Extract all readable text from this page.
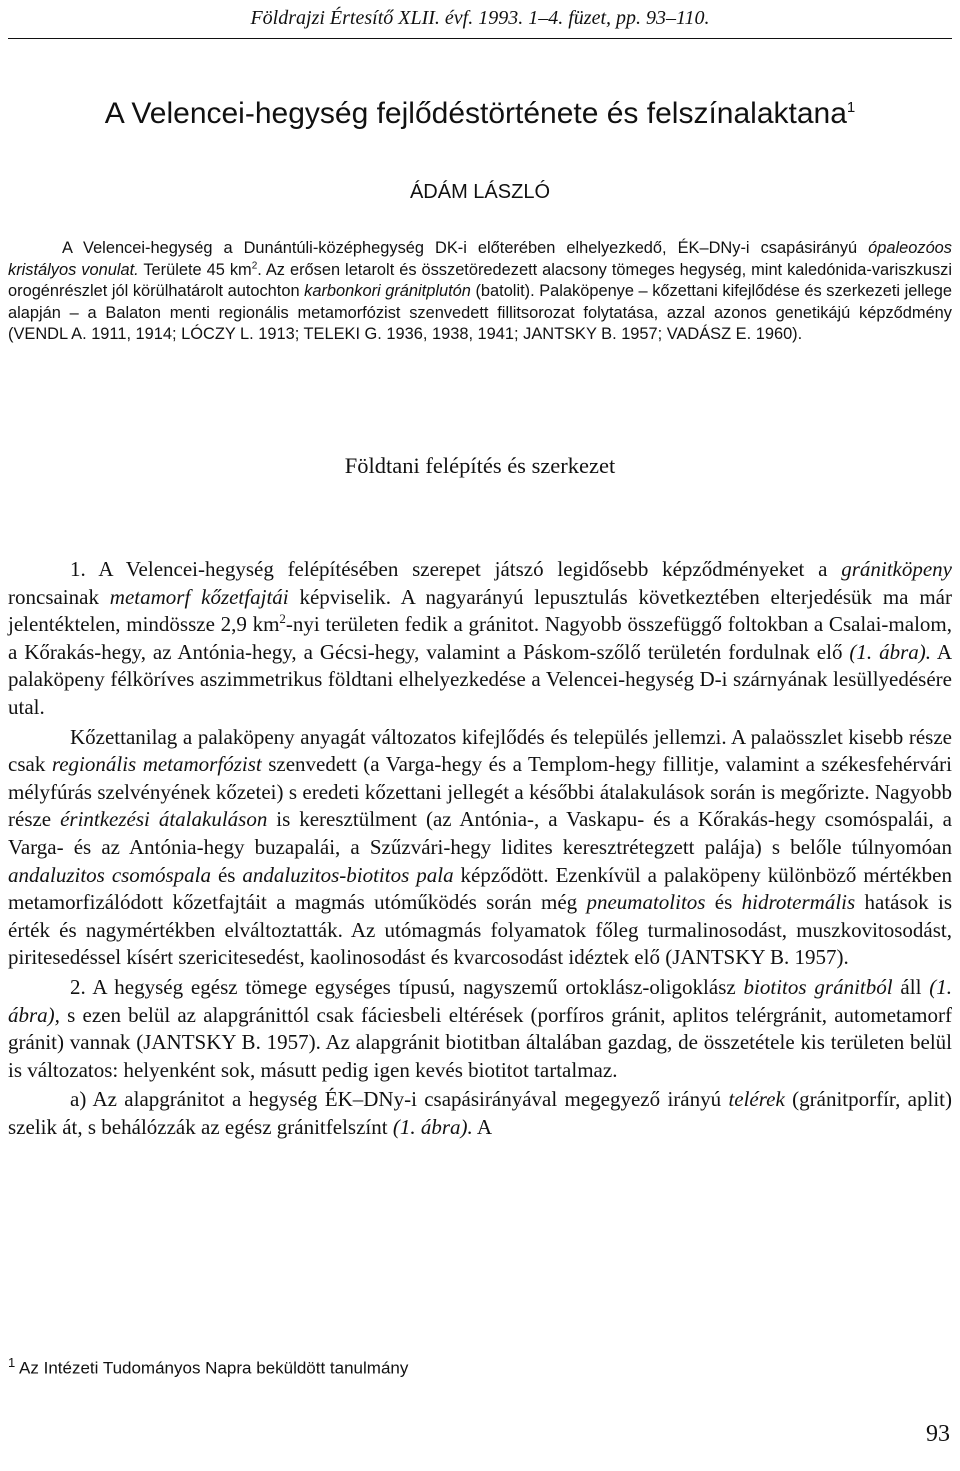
Földrajzi Értesítő XLII. évf. 1993. 1–4. füzet, pp. 93–110.
A Velencei-hegység fejlődéstörténete és felszínalaktana$^1$
ÁDÁM LÁSZLÓ
A Velencei-hegység a Dunántúli-középhegység DK-i előterében elhelyezkedő, ÉK–DNy-i csapásirányú ópaleozóos kristályos vonulat. Területe 45 $km^2$. Az erősen letarolt és összetöredezett alacsony tömeges hegység, mint kaledónida-variszkuszi orogénrészlet jól körülhatárolt autochton karbonkori gránitplutón (batolit). Palaköpenye – kőzettani kifejlődése és szerkezeti jellege alapján – a Balaton menti regionális metamorfózist szenvedett fillitsorozat folytatása, azzal azonos genetikájú képződmény (VENDL A. 1911, 1914; LÓCZY L. 1913; TELEKI G. 1936, 1938, 1941; JANTSKY B. 1957; VADÁSZ E. 1960).
Földtani felépítés és szerkezet

1. A Velencei-hegység felépítésében szerepet játszó legidősebb képződményeket a gránitköpeny roncsainak metamorf kőzetfajtái képviselik. A nagyarányú lepusztulás következtében elterjedésük ma már jelentéktelen, mindössze 2,9 $km^2$-nyi területen fedik a gránitot. Nagyobb összefüggő foltokban a Csalai-malom, a Kőrakás-hegy, az Antónia-hegy, a Gécsi-hegy, valamint a Páskom-szőlő területén fordulnak elő (1. ábra). A palaköpeny félköríves aszimmetrikus földtani elhelyezkedése a Velencei-hegység D-i szárnyának lesüllyedésére utal.

Kőzettanilag a palaköpeny anyagát változatos kifejlődés és település jellemzi. A palaösszlet kisebb része csak regionális metamorfózist szenvedett (a Varga-hegy és a Templom-hegy fillitje, valamint a székesfehérvári mélyfúrás szelvényének kőzetei) s eredeti kőzettani jellegét a későbbi átalakulások során is megőrizte. Nagyobb része érintkezési átalakuláson is keresztülment (az Antónia-, a Vaskapu- és a Kőrakás-hegy csomóspalái, a Varga- és az Antónia-hegy buzapalái, a Szűzvári-hegy lidites keresztrétegzett palája) s belőle túlnyomóan andaluzitos csomóspala és andaluzitos-biotitos pala képződött. Ezenkívül a palaköpeny különböző mértékben metamorfizálódott kőzetfajtáit a magmás utóműködés során még pneumatolitos és hidrotermális hatások is érték és nagymértékben elváltoztatták. Az utómagmás folyamatok főleg turmalinosodást, muszkovitosodást, piritesedéssel kísért szericitesedést, kaolinosodást és kvarcosodást idéztek elő (JANTSKY B. 1957).

2. A hegység egész tömege egységes típusú, nagyszemű ortoklász-oligoklász biotitos gránitból áll (1. ábra), s ezen belül az alapgránittól csak fáciesbeli eltérések (porfíros gránit, aplitos telérgránit, autometamorf gránit) vannak (JANTSKY B. 1957). Az alapgránit biotitban általában gazdag, de összetétele kis területen belül is változatos: helyenként sok, másutt pedig igen kevés biotitot tartalmaz.

a) Az alapgránitot a hegység ÉK–DNy-i csapásirányával megegyező irányú telérek (gránitporfír, aplit) szelik át, s behálózzák az egész gránitfelszínt (1. ábra). A

$^1$ Az Intézeti Tudományos Napra beküldött tanulmány
93
